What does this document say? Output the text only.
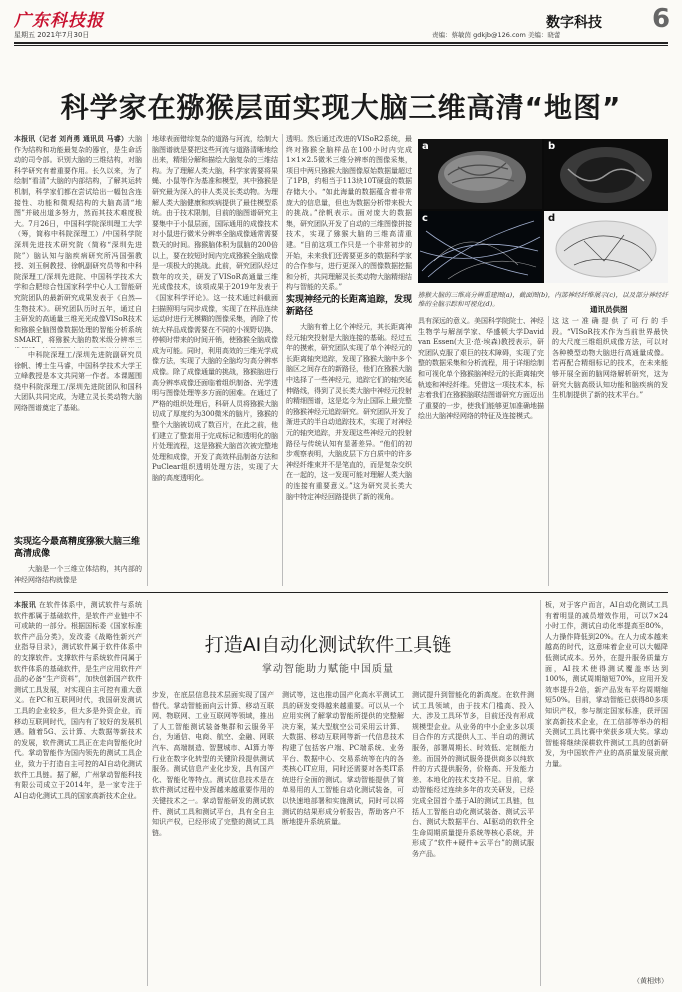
广东科技报
星期五 2021年7月30日
数字科技
责编：蔡敏茵 gdkjb@126.com 美编：晓蕾
6
科学家在猕猴层面实现大脑三维高清“地图”
本报讯（记者 刘肖勇 通讯员 马睿）大脑作为结构和功能最复杂的器官，是生命活动的司令部。识别大脑的三维结构，对脑科学研究有着重要作用。长久以来，为了绘制“看清”大脑的内部结构，了解其运转机制，科学家们都在尝试给出一幅包含连接性、功能和微观结构的大脑高清“地图”并破出道多努力，然而其技术难度极大。7月26日，中国科学院深圳理工大学（筹，简称中科院深理工）/中国科学院深圳先进技术研究院（简称“深圳先进院”）脑认知与脑疾病研究所冯国强教授、刘玉舸教授、徐帆副研究员等和中科院深理工/深圳先进院、中国科学技术大学和合肥综合性国家科学中心人工智能研究院团队的最新研究成果发表于《自然—生物技术》。研究团队历时五年，通过自主研发的高通量三维光光成像VISoR技术和猕猴全脑图像数据处理的智能分析系统SMART，将猕猴大脑的数米级分辨率三
中科院深理工/深圳先进院副研究员徐帆、博士生马睿，中国科学技术大学王立峰教授是本文共同第一作者。本课题围绕中科院深理工/深圳先进院团队和国科大团队共同完成，为建立灵长类动物大脑网络图谱奠定了基础。
实现迄今最高精度猕猴大脑三维高清成像
大脑是一个三维立体结构，其内部的神经网络结构就像是
地球表面错综复杂的道路与河流，绘制大脑图谱就是要把这些河流与道路清晰地绘出来，精细分解和描绘大脑复杂的三维结构。为了理解人类大脑，科学家需要将果蝇、小鼠等作为基准和模型，其中猕猴是研究最为深入的非人类灵长类动物。为理解人类大脑健康和疾病提供了最佳模型系统。由于技术限制，目前的脑图谱研究主要集中于小鼠层面，国际通用的成像技术对小鼠进行微米分辨率全脑成像通常需要数天的时间。猕猴脑体积为鼠脑的200倍以上，要在较短时间内完成猕猴全脑成像是一项极大的挑战。此前，研究团队经过数年的攻关，研发了VISoR高通量三维光成像技术，该项成果于2019年发表于《国家科学评论》。这一技术通过斜截面扫描照明与同步成像，实现了在样品连续运动时进行无模糊的图像采集，消除了传统大样品成像需要在不同的小视野切换、停顿时带来的时间开销，使猕猴全脑成像成为可能。同时，利用高效的三维光学成像方法，实现了大脑的全脑均匀高分辨率成像。除了成像通量的挑战，猕猴脑进行高分辨率成像还面临着组织制备、光学透明与图像处理等多方面的困难。在通过了严格的组织处理后，科研人员将猕猴大脑切成了厚度约为300微米的脑片，猕猴的整个大脑被切成了数百片，在此之前，他们建立了整套用于完成标记和透明化的脑片处理流程，这是猕猴大脑首次被完整地处理和成像，开发了高效样品制备方法和PuClear组织透明处理方法，实现了大脑的高度透明化。
透明。然后通过改进的VISoR2系统，最终对猕猴全脑样品在100小时内完成1×1×2.5微米三维分辨率的图像采集，项目中两只猕猴大脑图像原始数据量超过了1PB，约相当于113块10T硬盘的数据存储大小。“如此海量的数据蕴含着非常庞大的信息量，但也为数据分析带来极大的挑战。”徐帆表示。面对庞大的数据集，研究团队开发了自动的三维图像拼接技术，实现了猕猴大脑的三维高清重建。“目前这项工作只是一个非常初步的开始，未来我们还需要更多的数据科学家的合作参与，进行更深入的图像数据挖掘和分析，共同理解灵长类动物大脑精细结构与智能的关系。”
实现神经元的长距离追踪，发现新路径
大脑有着上亿个神经元，其长距离神经元轴突投射是大脑连接的基础。经过五年的摸索，研究团队实现了单个神经元的长距离轴突追踪，发现了猕猴大脑中多个脑区之间存在的新路径，他们在猕猴大脑中选择了一些神经元，追踪它们的轴突延伸路线，得到了灵长类大脑中神经元投射的精细图谱，这是迄今为止国际上最完整的猕猴神经元追踪研究。研究团队开发了渐进式的半自动追踪技术，实现了对神经元的轴突追踪，并发现这些神经元的投射路径与传统认知有显著差异。“他们的初步观察表明，大脑皮层下方白质中的许多神经纤维束并不是笔直的，而是复杂交织在一起的，这一发现可能对理解人类大脑的连接有重要意义。”这为研究灵长类大脑中特定神经回路提供了新的视角。
a	b
c	d
猕猴大脑的三维高分辨重建图(a)，截面图(b)，内部神经纤维展示(c)，以及部分神经纤维的全脑示踪和可视化(d)。
通讯员供图
具有深远的意义。美国科学院院士、神经生物学与解剖学家、华盛顿大学David van Essen(大卫·范·埃森)教授表示，研究团队克服了艰巨的技术障碍，实现了完整的数据采集和分析流程，用于详细绘制和可视化单个猕猴脑神经元的长距离轴突轨迹和神经纤维。凭借这一项技术本，标志着我们在猕猴脑联结图谱研究方面迈出了重要的一步，使我们能够更加准确地描绘出大脑神经网络的特征及连接模式。
这这一准确提供了可行的手段。“VISoR技术作为当前世界最快的大尺度三维组织成像方法，可以对各种模型动物大脑进行高通量成像。若再配合精细标记的技术，在未来能够开展全面的脑网络解析研究，这为研究大脑高级认知功能和脑疾病的发生机制提供了新的技术平台。”
打造AI自动化测试软件工具链
掌动智能助力赋能中国质量
本报讯 在软件体系中，测试软件与系统软件都属于基础软件，是软件产业链中不可或缺的一部分。根据国标委《国家标准软件产品分类》，发改委《战略性新兴产业指导目录》，测试软件属于软件体系中的支撑软件。支撑软件与系统软件同属于软件体系的基础软件，是生产应用软件产品的必备“生产资料”，加快创新国产软件测试工具发展，对实现自主可控有重大意义。在PC和互联网时代，我国研发测试工具的企业较多，但大多是外资企业，而移动互联网时代，国内有了较好的发展机遇。随着5G、云计算、大数据等新技术的发展，软件测试工具正在走向智能化时代。掌动智能作为国内领先的测试工具企业，致力于打造自主可控的AI自动化测试软件工具链。据了解，广州掌动智能科技有限公司成立于2014年，是一家专注于AI自动化测试工具的国家高新技术企业。
步发，在底层信息技术层面实现了国产替代。掌动智能面向云计算、移动互联网、物联网、工业互联网等领域，推出了人工智能测试装备集群和云服务平台，为通信、电商、航空、金融、网联汽车、高端制造、智慧城市、AI算力等行业在数字化转型的关键阶段提供测试服务。测试信息产业化步发，具有国产化、智能化等特点。测试信息技术是在软件测试过程中发挥越来越重要作用的关键技术之一。掌动智能研发的测试软件、测试工具和测试平台，具有全自主知识产权，已经形成了完整的测试工具链。
测试等，这也推动国产化高水平测试工具的研发变得越来越重要。可以从一个应用实例了解掌动智能所提供的完整解决方案，某大型航空公司采用云计算、大数据、移动互联网等新一代信息技术构建了包括客户端、PC端系统、业务平台、数据中心、交易系统等在内的各类核心IT应用，同时还需要对各类IT系统进行全面的测试。掌动智能提供了简单易用的人工智能自动化测试装备，可以快速地部署和实施测试，同时可以将测试的结果形成分析报告，帮助客户不断地提升系统质量。
测试提升到智能化的新高度。在软件测试工具领域，由于技术门槛高、投入大、涉及工具环节多，目前还没有形成规模型企业。从业务的中小企业多以项目合作的方式提供人工、半自动的测试服务，部署周期长、时效低、定制能力差。而国外的测试服务提供商多以纯软件的方式提供服务，价格高、开发能力差、本地化的技术支持不足。目前，掌动智能经过连续多年的攻关研发，已经完成全国首个基于AI的测试工具链，包括人工智能自动化测试装备、测试云平台、测试大数据平台、AI驱动的软件全生命周期质量提升系统等核心系统，并形成了“软件+硬件+云平台”的测试服务产品。
板，对于客户而言，AI自动化测试工具有着明显的减员增效作用，可以7×24小时工作，测试自动化率提高至80%，人力操作降低到20%。在人力成本越来越高的时代，这意味着企业可以大幅降低测试成本。另外，在提升服务质量方面，AI技术使得测试覆盖率达到100%，测试周期缩短70%，应用开发效率提升2倍，新产品发布平均周期缩短50%。目前，掌动智能已获得80多项知识产权，参与制定国家标准，获评国家高新技术企业，在工信部等举办的相关测试工具比赛中荣获多项大奖。掌动智能将继续深耕软件测试工具的创新研发，为中国软件产业的高质量发展贡献力量。
（黄相炜）
